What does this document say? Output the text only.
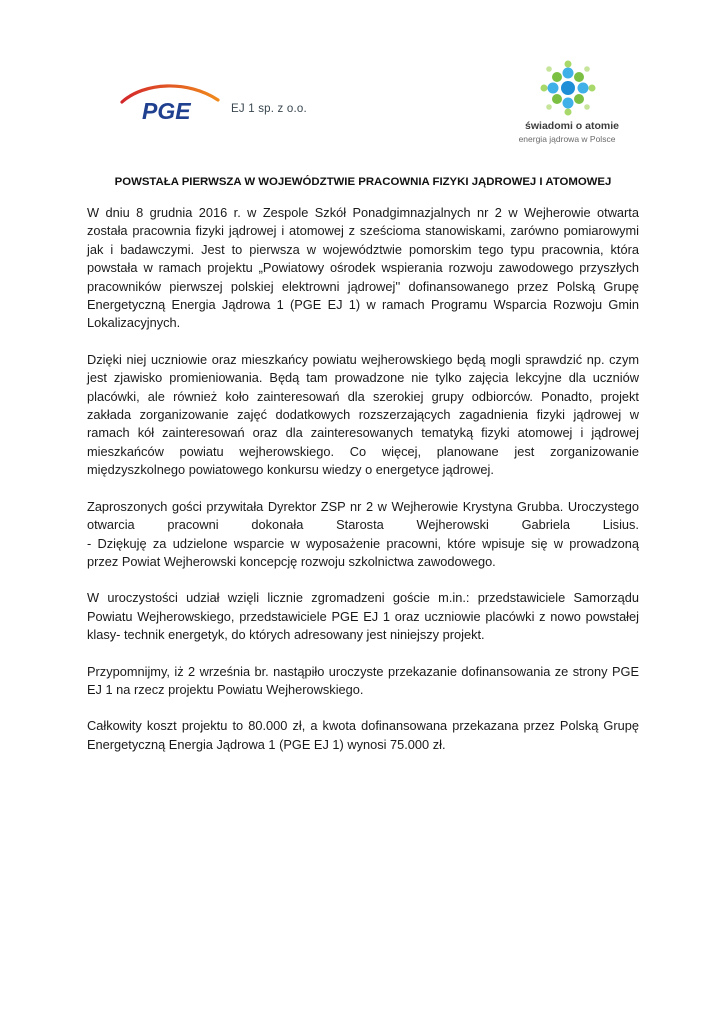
PGE	EJ 1 sp. z o.o.
świadomi o atomie
energia jądrowa w Polsce
POWSTAŁA PIERWSZA W WOJEWÓDZTWIE PRACOWNIA FIZYKI JĄDROWEJ I ATOMOWEJ

W dniu 8 grudnia 2016 r. w Zespole Szkół Ponadgimnazjalnych nr 2 w Wejherowie otwarta została pracownia fizyki jądrowej i atomowej z sześcioma stanowiskami, zarówno pomiarowymi jak i badawczymi. Jest to pierwsza w województwie pomorskim tego typu pracownia, która powstała w ramach projektu „Powiatowy ośrodek wspierania rozwoju zawodowego przyszłych pracowników pierwszej polskiej elektrowni jądrowej'' dofinansowanego przez Polską Grupę Energetyczną Energia Jądrowa 1 (PGE EJ 1) w ramach Programu Wsparcia Rozwoju Gmin Lokalizacyjnych.

Dzięki niej uczniowie oraz mieszkańcy powiatu wejherowskiego będą mogli sprawdzić np. czym jest zjawisko promieniowania. Będą tam prowadzone nie tylko zajęcia lekcyjne dla uczniów placówki, ale również koło zainteresowań dla szerokiej grupy odbiorców. Ponadto, projekt zakłada zorganizowanie zajęć dodatkowych rozszerzających zagadnienia fizyki jądrowej w ramach kół zainteresowań oraz dla zainteresowanych tematyką fizyki atomowej i jądrowej mieszkańców powiatu wejherowskiego. Co więcej, planowane jest zorganizowanie międzyszkolnego powiatowego konkursu wiedzy o energetyce jądrowej.

Zaproszonych gości przywitała Dyrektor ZSP nr 2 w Wejherowie Krystyna Grubba. Uroczystego otwarcia pracowni dokonała Starosta Wejherowski Gabriela Lisius.
- Dziękuję za udzielone wsparcie w wyposażenie pracowni, które wpisuje się w prowadzoną przez Powiat Wejherowski koncepcję rozwoju szkolnictwa zawodowego.

W uroczystości udział wzięli licznie zgromadzeni goście m.in.: przedstawiciele Samorządu Powiatu Wejherowskiego, przedstawiciele PGE EJ 1 oraz uczniowie placówki z nowo powstałej klasy- technik energetyk, do których adresowany jest niniejszy projekt.

Przypomnijmy, iż 2 września br. nastąpiło uroczyste przekazanie dofinansowania ze strony PGE EJ 1 na rzecz projektu Powiatu Wejherowskiego.

Całkowity koszt projektu to 80.000 zł, a kwota dofinansowana przekazana przez Polską Grupę Energetyczną Energia Jądrowa 1 (PGE EJ 1) wynosi 75.000 zł.
